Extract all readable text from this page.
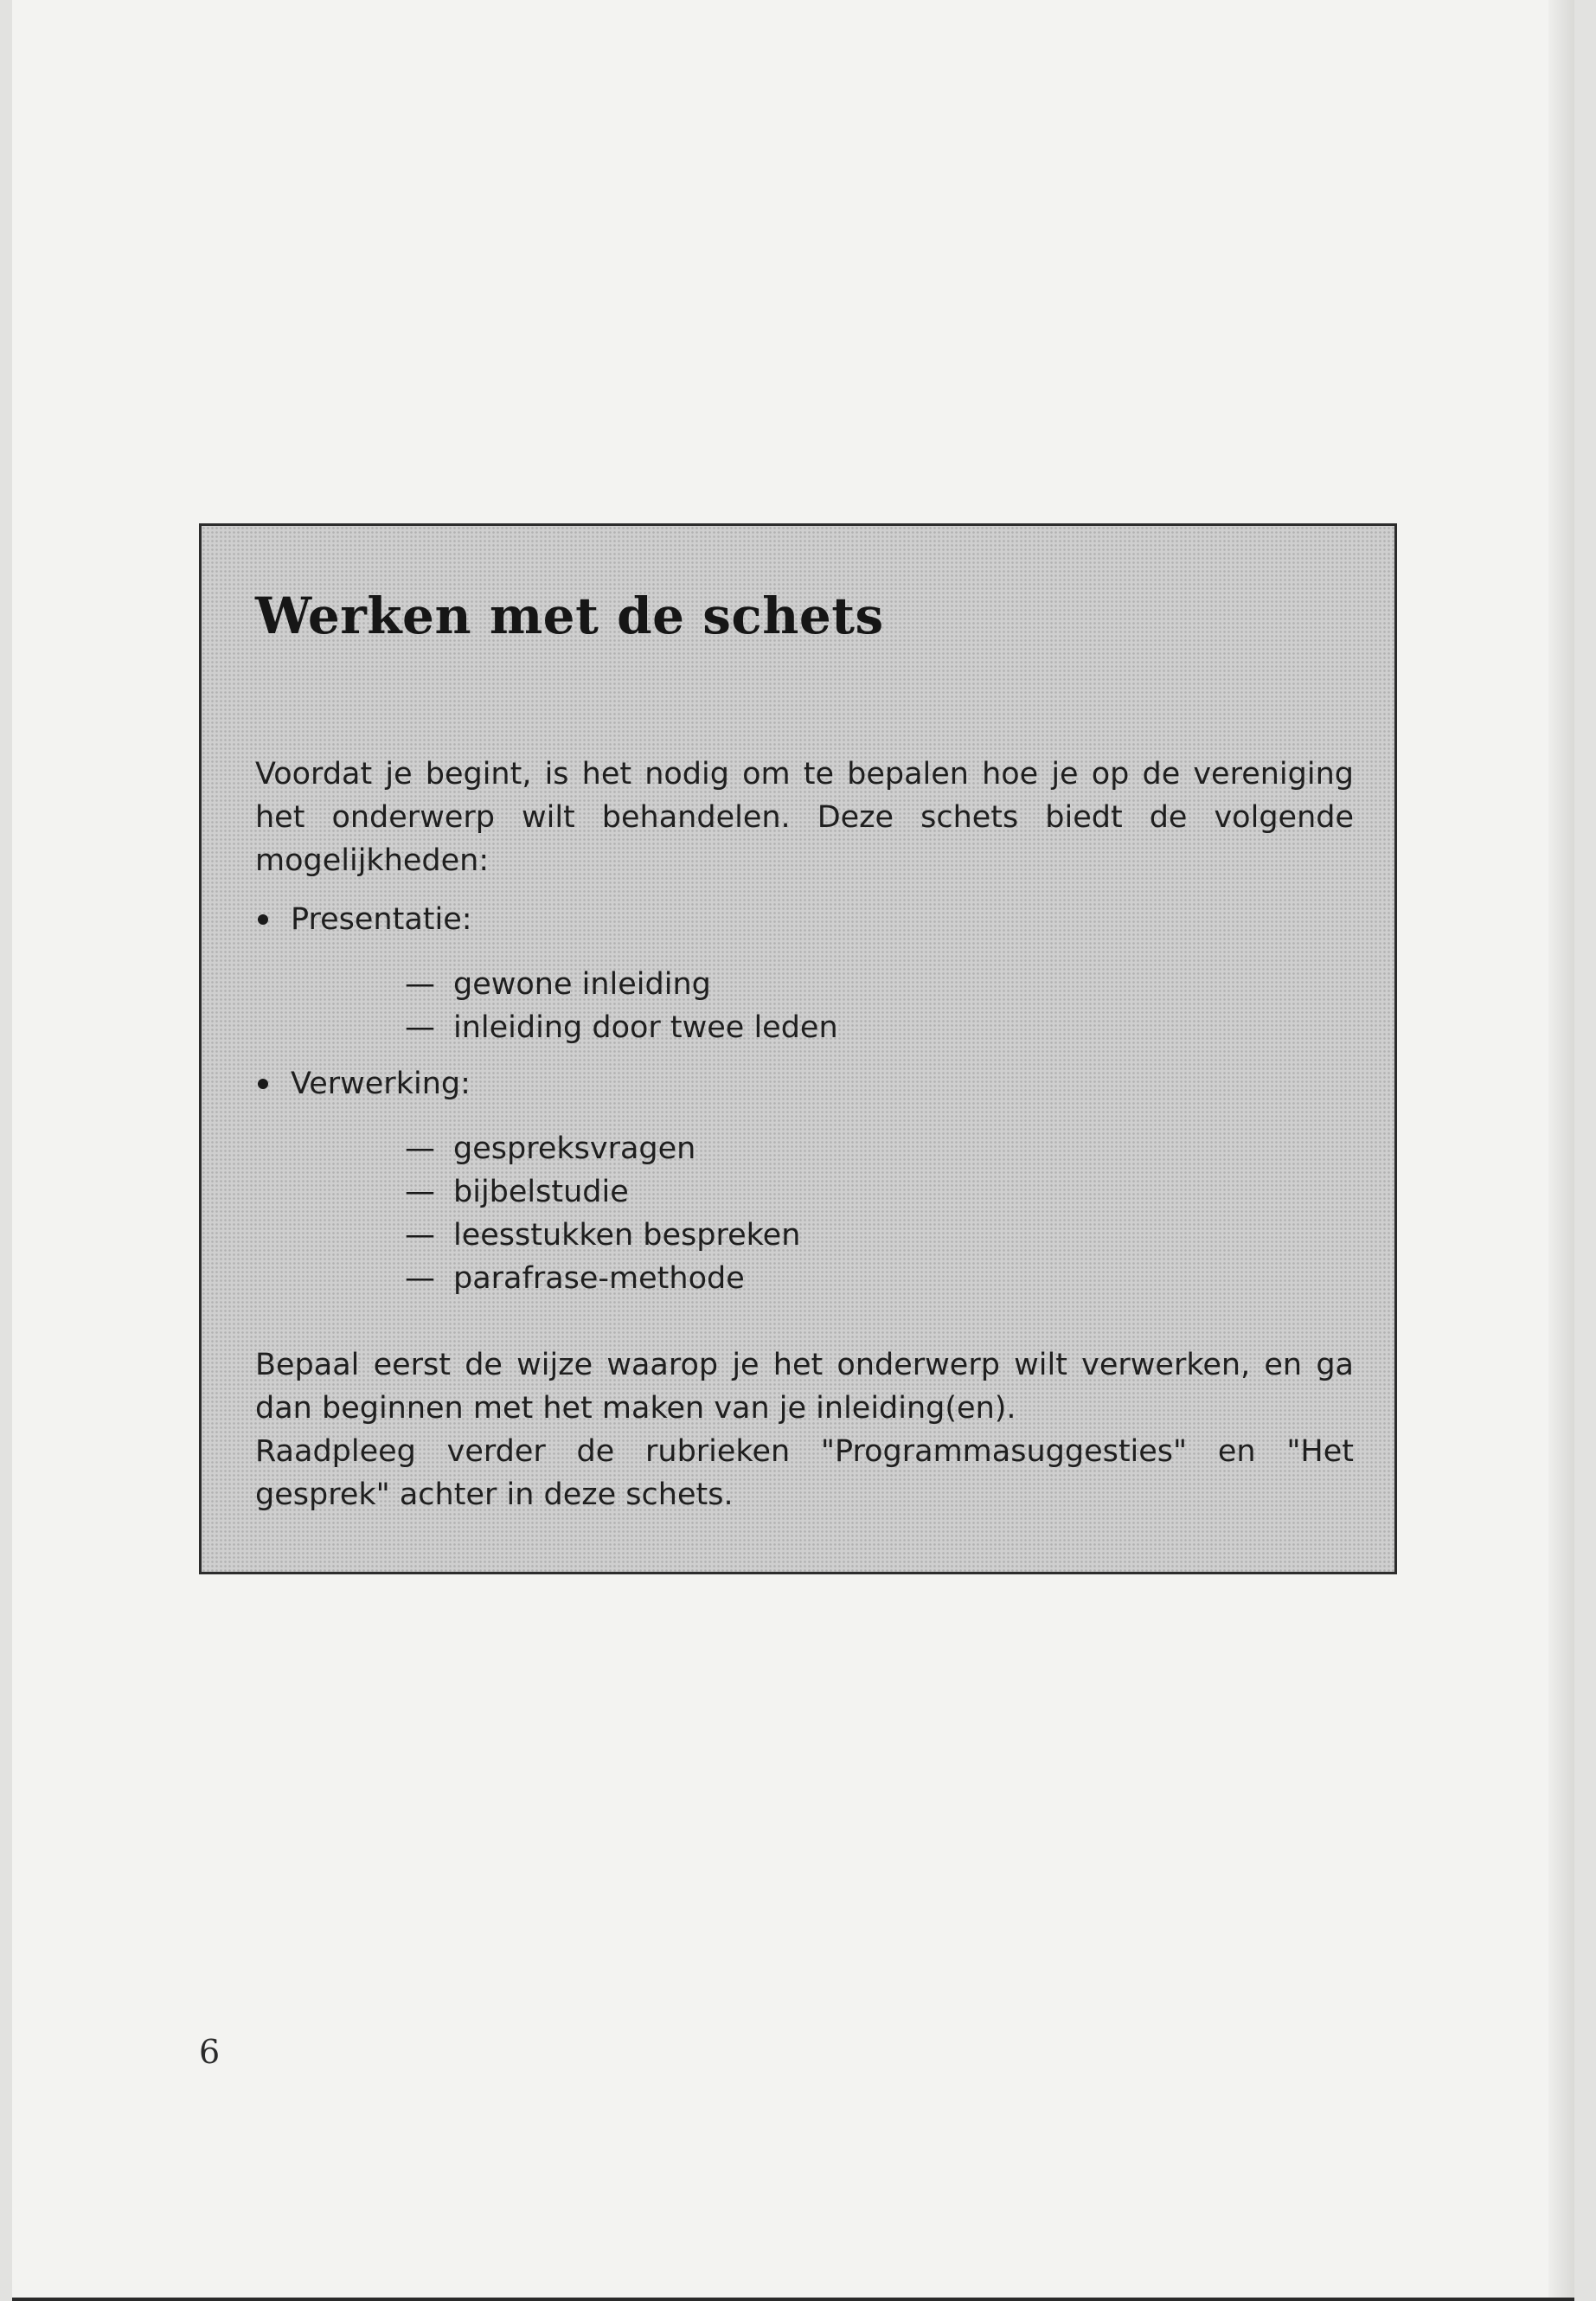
Werken met de schets

Voordat je begint, is het nodig om te bepalen hoe je op de vereniging het onderwerp wilt behandelen. Deze schets biedt de volgende mogelijkheden:

Presentatie:
— gewone inleiding
— inleiding door twee leden
Verwerking:
— gespreksvragen
— bijbelstudie
— leesstukken bespreken
— parafrase-methode
Bepaal eerst de wijze waarop je het onderwerp wilt verwerken, en ga dan beginnen met het maken van je inleiding(en).
Raadpleeg verder de rubrieken "Programmasuggesties" en "Het gesprek" achter in deze schets.
6
